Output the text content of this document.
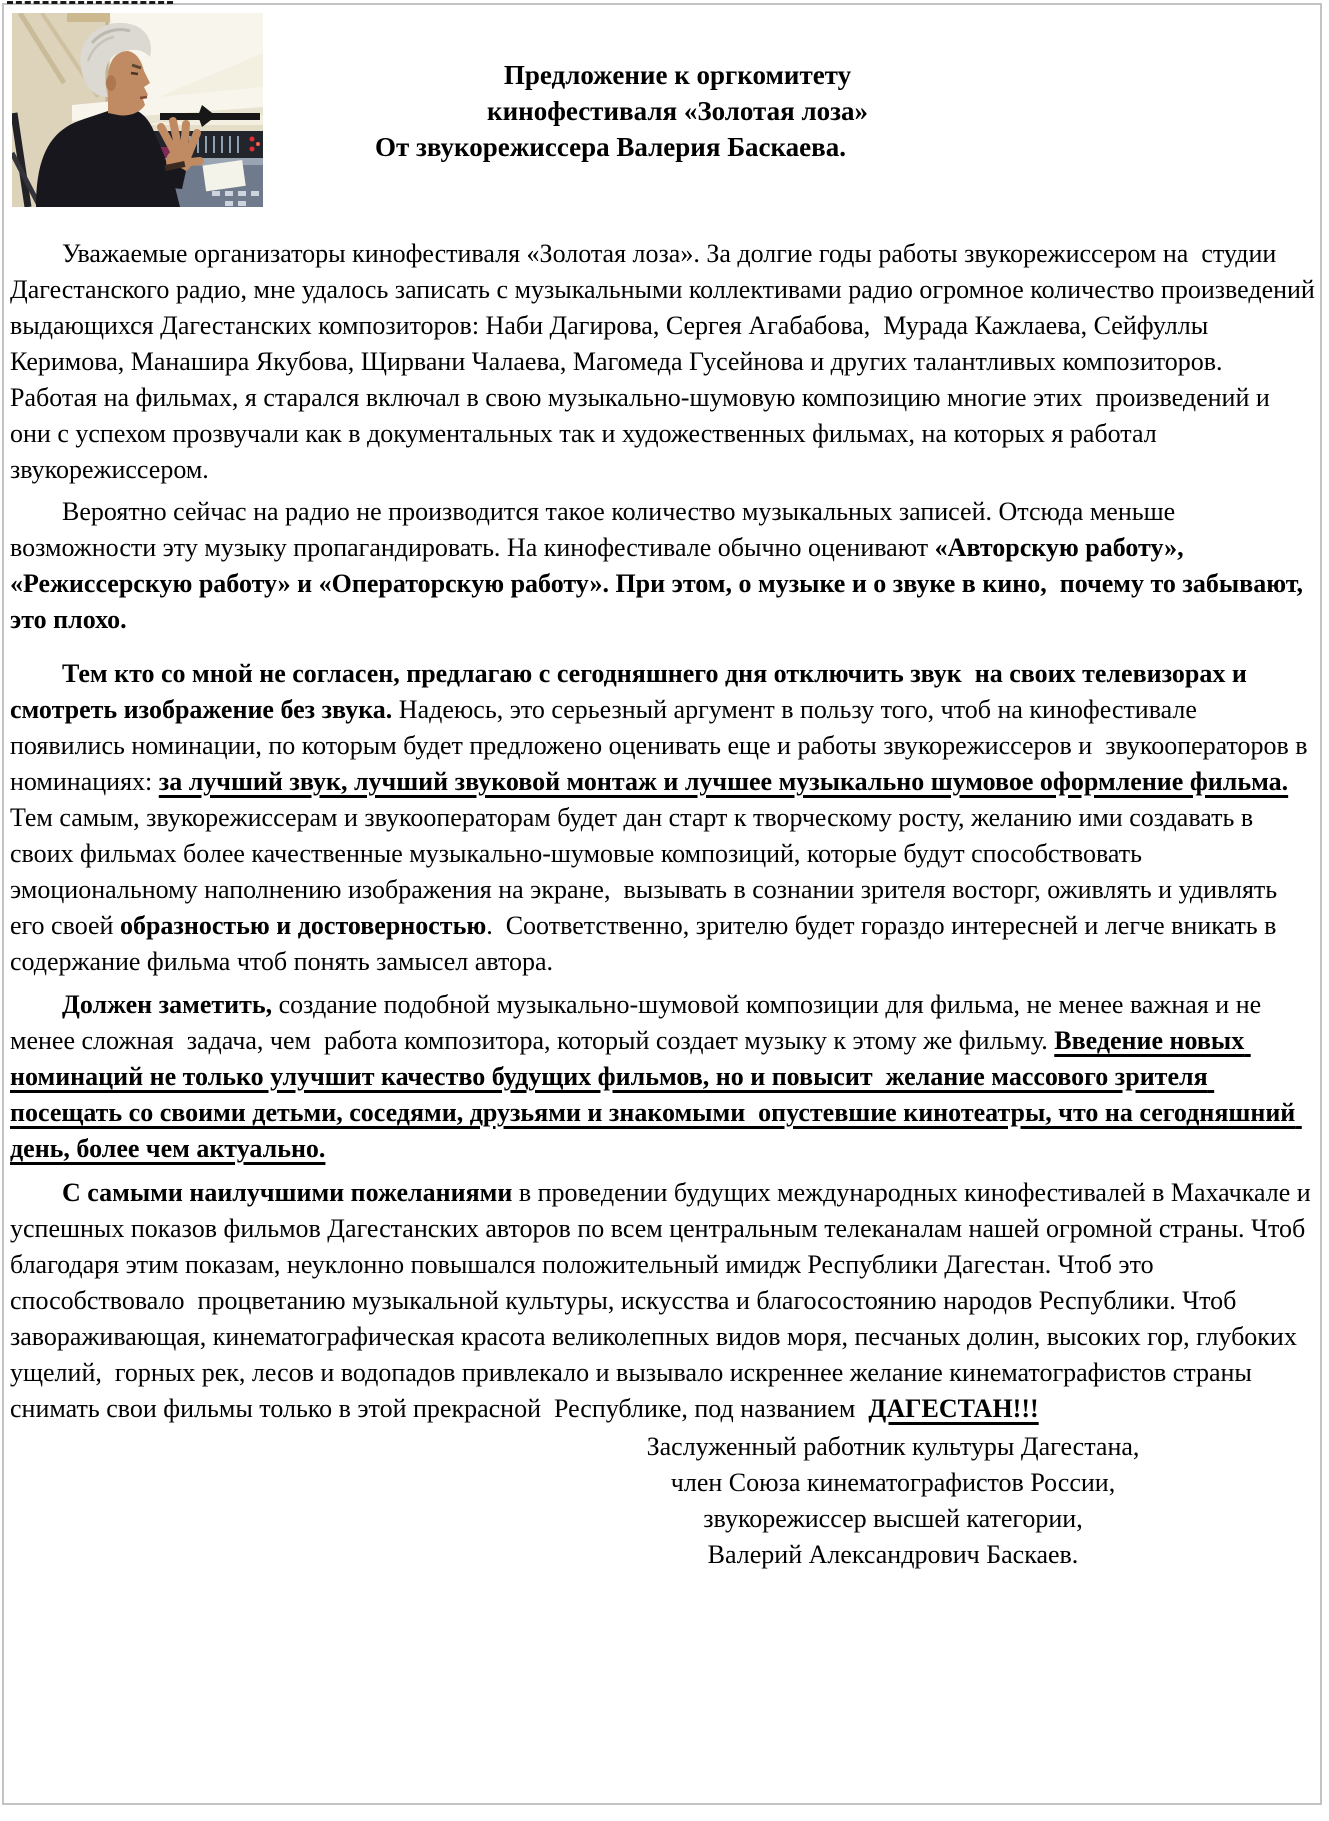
Предложение к оргкомитету
кинофестиваля «Золотая лоза»
От звукорежиссера Валерия Баскаева.

Уважаемые организаторы кинофестиваля «Золотая лоза». За долгие годы работы звукорежиссером на  студии Дагестанского радио, мне удалось записать с музыкальными коллективами радио огромное количество произведений выдающихся Дагестанских композиторов: Наби Дагирова, Сергея Агабабова,  Мурада Кажлаева, Сейфуллы Керимова, Манашира Якубова, Щирвани Чалаева, Магомеда Гусейнова и других талантливых композиторов. Работая на фильмах, я старался включал в свою музыкально-шумовую композицию многие этих  произведений и они с успехом прозвучали как в документальных так и художественных фильмах, на которых я работал звукорежиссером.

Вероятно сейчас на радио не производится такое количество музыкальных записей. Отсюда меньше возможности эту музыку пропагандировать. На кинофестивале обычно оценивают «Авторскую работу», «Режиссерскую работу» и «Операторскую работу». При этом, о музыке и о звуке в кино,  почему то забывают, это плохо.

Тем кто со мной не согласен, предлагаю с сегодняшнего дня отключить звук  на своих телевизорах и смотреть изображение без звука. Надеюсь, это серьезный аргумент в пользу того, чтоб на кинофестивале появились номинации, по которым будет предложено оценивать еще и работы звукорежиссеров и  звукооператоров в номинациях: за лучший звук, лучший звуковой монтаж и лучшее музыкально шумовое оформление фильма. Тем самым, звукорежиссерам и звукооператорам будет дан старт к творческому росту, желанию ими создавать в своих фильмах более качественные музыкально-шумовые композиций, которые будут способствовать  эмоциональному наполнению изображения на экране,  вызывать в сознании зрителя восторг, оживлять и удивлять его своей образностью и достоверностью.  Соответственно, зрителю будет гораздо интересней и легче вникать в содержание фильма чтоб понять замысел автора.

Должен заметить, создание подобной музыкально-шумовой композиции для фильма, не менее важная и не менее сложная  задача, чем  работа композитора, который создает музыку к этому же фильму. Введение новых номинаций не только улучшит качество будущих фильмов, но и повысит  желание массового зрителя посещать со своими детьми, соседями, друзьями и знакомыми  опустевшие кинотеатры, что на сегодняшний день, более чем актуально.

С самыми наилучшими пожеланиями в проведении будущих международных кинофестивалей в Махачкале и успешных показов фильмов Дагестанских авторов по всем центральным телеканалам нашей огромной страны. Чтоб благодаря этим показам, неуклонно повышался положительный имидж Республики Дагестан. Чтоб это способствовало  процветанию музыкальной культуры, искусства и благосостоянию народов Республики. Чтоб завораживающая, кинематографическая красота великолепных видов моря, песчаных долин, высоких гор, глубоких ущелий,  горных рек, лесов и водопадов привлекало и вызывало искреннее желание кинематографистов страны снимать свои фильмы только в этой прекрасной  Республике, под названием  ДАГЕСТАН!!!

Заслуженный работник культуры Дагестана,
член Союза кинематографистов России,
звукорежиссер высшей категории,
Валерий Александрович Баскаев.
